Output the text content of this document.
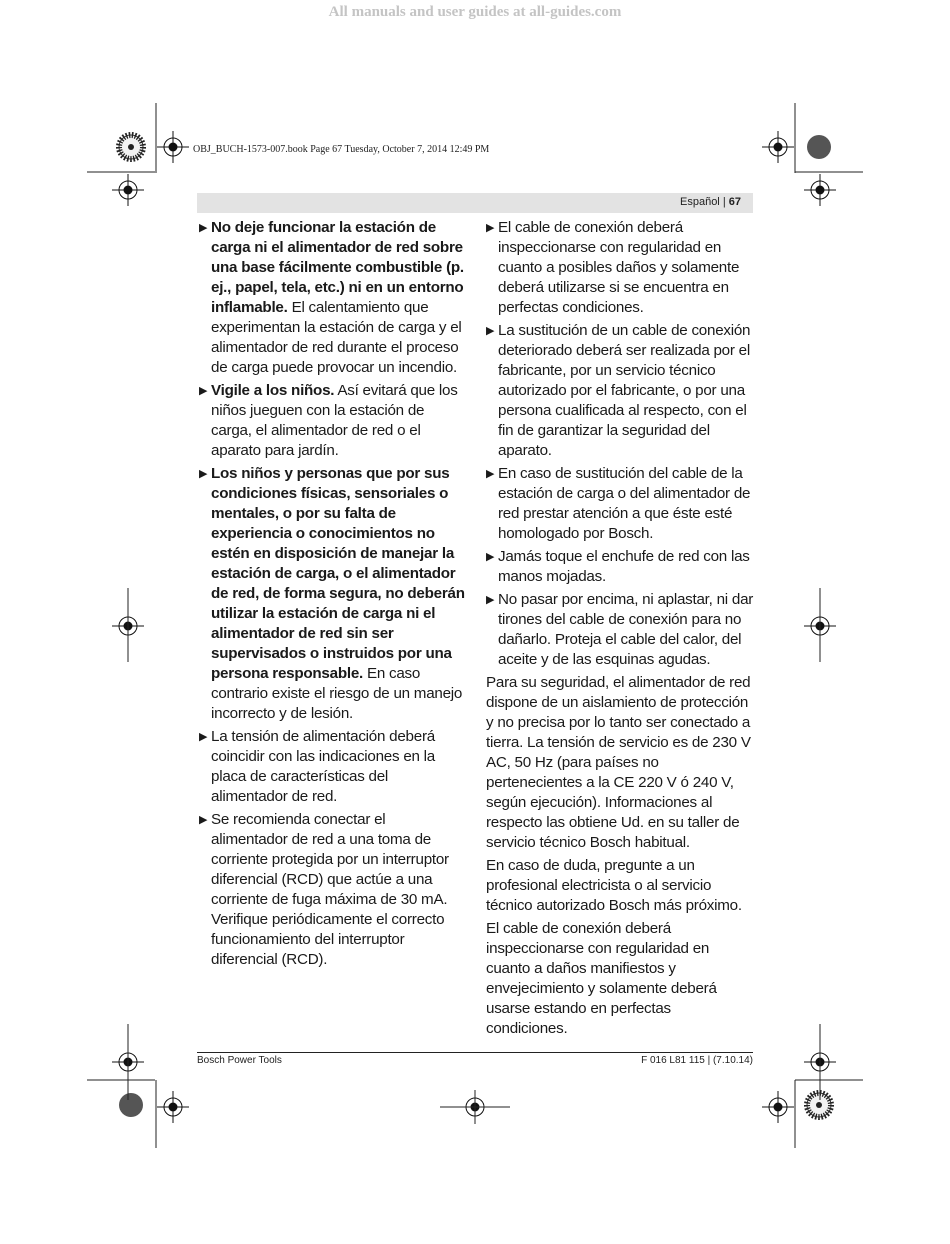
All manuals and user guides at all-guides.com
OBJ_BUCH-1573-007.book Page 67 Tuesday, October 7, 2014 12:49 PM
Español | 67
▶ No deje funcionar la estación de carga ni el alimentador de red sobre una base fácilmente combustible (p. ej., papel, tela, etc.) ni en un entorno inflamable. El calentamiento que experimentan la estación de carga y el alimentador de red durante el proceso de carga puede provocar un incendio.
▶ Vigile a los niños. Así evitará que los niños jueguen con la estación de carga, el alimentador de red o el aparato para jardín.
▶ Los niños y personas que por sus condiciones físicas, sensoriales o mentales, o por su falta de experiencia o conocimientos no estén en disposición de manejar la estación de carga, o el alimentador de red, de forma segura, no deberán utilizar la estación de carga ni el alimentador de red sin ser supervisados o instruidos por una persona responsable. En caso contrario existe el riesgo de un manejo incorrecto y de lesión.
▶ La tensión de alimentación deberá coincidir con las indicaciones en la placa de características del alimentador de red.
▶ Se recomienda conectar el alimentador de red a una toma de corriente protegida por un interruptor diferencial (RCD) que actúe a una corriente de fuga máxima de 30 mA. Verifique periódicamente el correcto funcionamiento del interruptor diferencial (RCD).
▶ El cable de conexión deberá inspeccionarse con regularidad en cuanto a posibles daños y solamente deberá utilizarse si se encuentra en perfectas condiciones.
▶ La sustitución de un cable de conexión deteriorado deberá ser realizada por el fabricante, por un servicio técnico autorizado por el fabricante, o por una persona cualificada al respecto, con el fin de garantizar la seguridad del aparato.
▶ En caso de sustitución del cable de la estación de carga o del alimentador de red prestar atención a que éste esté homologado por Bosch.
▶ Jamás toque el enchufe de red con las manos mojadas.
▶ No pasar por encima, ni aplastar, ni dar tirones del cable de conexión para no dañarlo. Proteja el cable del calor, del aceite y de las esquinas agudas.

Para su seguridad, el alimentador de red dispone de un aislamiento de protección y no precisa por lo tanto ser conectado a tierra. La tensión de servicio es de 230 V AC, 50 Hz (para países no pertenecientes a la CE 220 V ó 240 V, según ejecución). Informaciones al respecto las obtiene Ud. en su taller de servicio técnico Bosch habitual.

En caso de duda, pregunte a un profesional electricista o al servicio técnico autorizado Bosch más próximo.

El cable de conexión deberá inspeccionarse con regularidad en cuanto a daños manifiestos y envejecimiento y solamente deberá usarse estando en perfectas condiciones.

Bosch Power Tools	F 016 L81 115 | (7.10.14)
